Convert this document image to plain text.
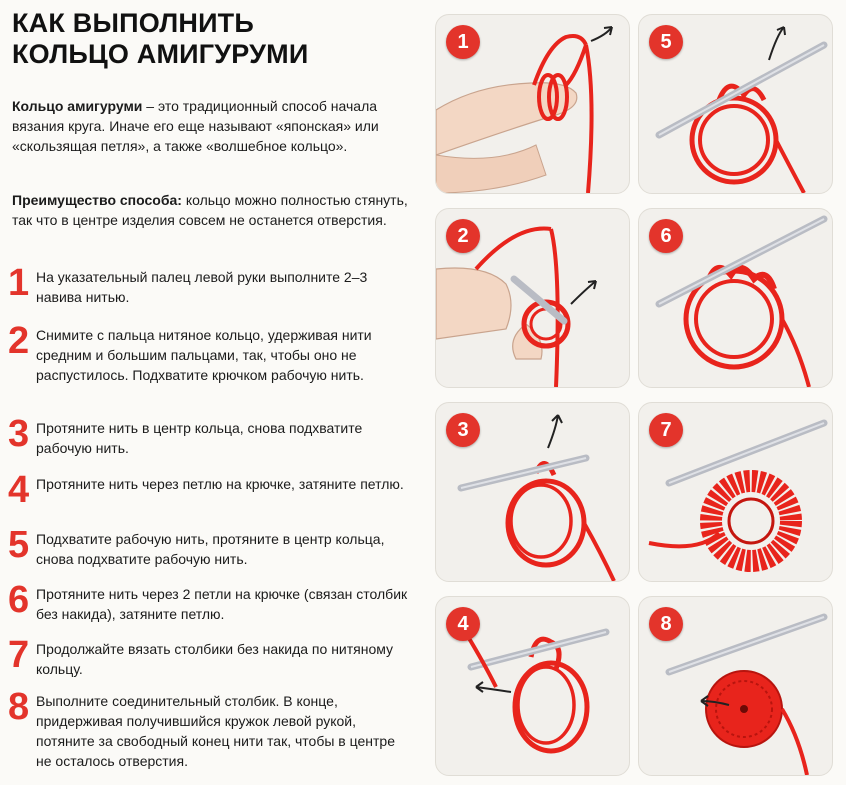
КАК ВЫПОЛНИТЬ
КОЛЬЦО АМИГУРУМИ
Кольцо амигуруми – это традиционный способ начала вязания круга. Иначе его еще называют «японская» или «скользящая петля», а также «волшебное кольцо».
Преимущество способа: кольцо можно полностью стянуть, так что в центре изделия совсем не останется отверстия.
1 На указательный палец левой руки выполните 2–3 навива нитью.
2 Снимите с пальца нитяное кольцо, удерживая нити средним и большим пальцами, так, чтобы оно не распустилось. Подхватите крючком рабочую нить.
3 Протяните нить в центр кольца, снова подхватите рабочую нить.
4 Протяните нить через петлю на крючке, затяните петлю.
5 Подхватите рабочую нить, протяните в центр кольца, снова подхватите рабочую нить.
6 Протяните нить через 2 петли на крючке (связан столбик без накида), затяните петлю.
7 Продолжайте вязать столбики без накида по нитяному кольцу.
8 Выполните соединительный столбик. В конце, придерживая получившийся кружок левой рукой, потяните за свободный конец нити так, чтобы в центре не осталось отверстия.
1	5
2	6
3	7
4	8
